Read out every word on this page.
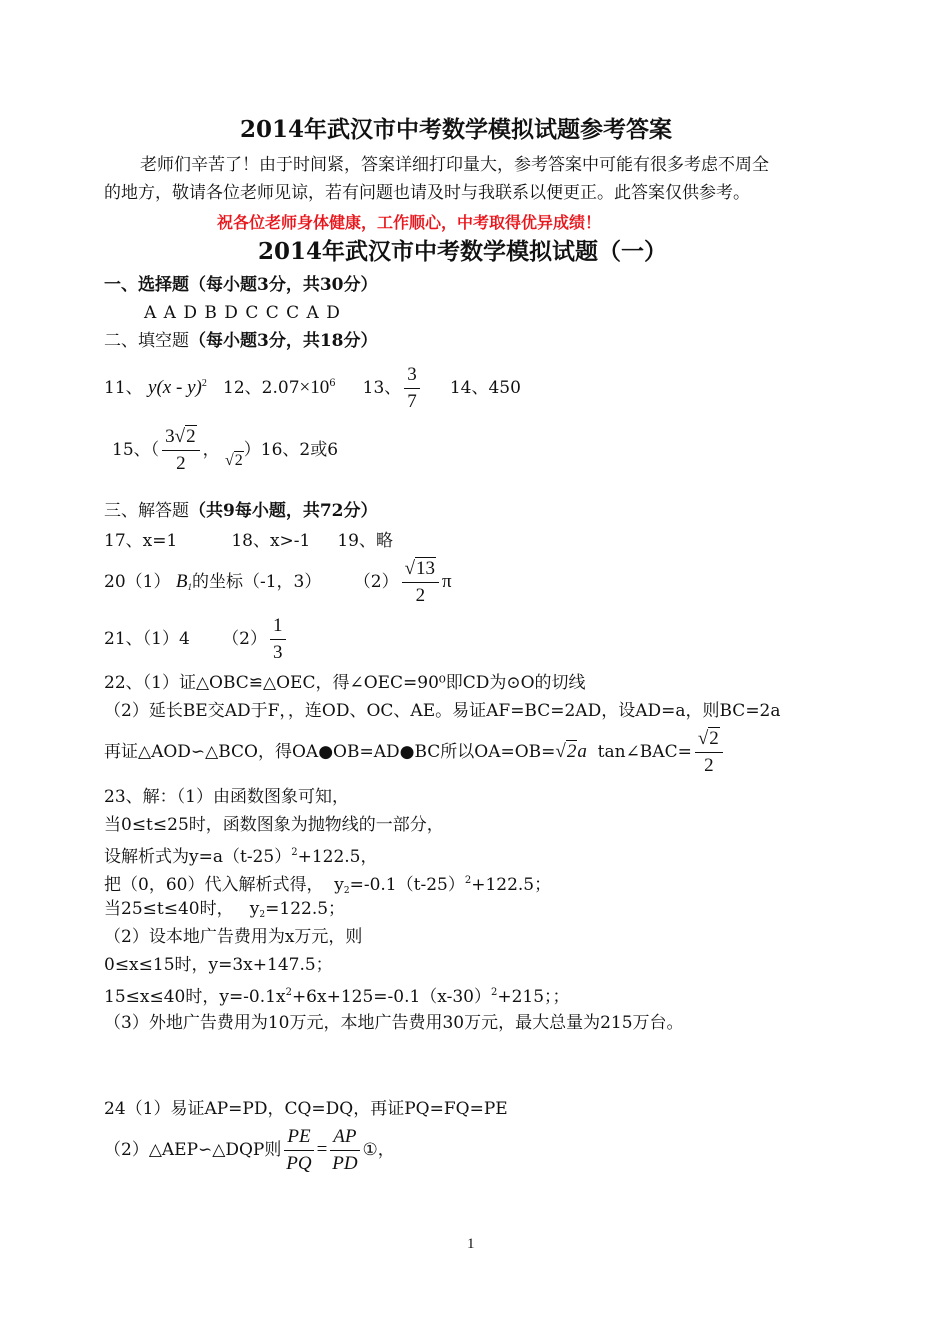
2014年武汉市中考数学模拟试题参考答案
老师们辛苦了！由于时间紧，答案详细打印量大，参考答案中可能有很多考虑不周全
的地方，敬请各位老师见谅，若有问题也请及时与我联系以便更正。此答案仅供参考。
祝各位老师身体健康，工作顺心，中考取得优异成绩！
2014年武汉市中考数学模拟试题（一）
一、选择题（每小题3分，共30分）
A A D B D C C C A D
二、填空题（每小题3分，共18分）
11、 y(x - y)$^2$ 12、$2.07\times 10^6$ 13、 $\frac{3}{7} 14$、450
15、（ $\frac{3√2}{2}$ ， √2）16、2或6
三、解答题（共9每小题，共72分）
17、x=1          18、x>-1     19、略
20（1） $B_1$的坐标（-1，3）      $(2) \frac{√13}{2}$ π
21、（1）4      $(2) \frac{1}{3}$
22、（1）证△OBC≌△OEC，得∠OEC=90⁰即CD为⊙O的切线
（2）延长BE交AD于F，，连OD、OC、AE。易证AF=BC=2AD，设AD=a，则BC=2a
再证△AOD∽△BCO，得OA●OB=AD●BC所以OA=OB=√2a  tan∠BAC= $\frac{√2}{2}$
23、解：（1）由函数图象可知，
当0≤t≤25时，函数图象为抛物线的一部分，
设解析式为$y=a(t-25)^2+122.5$，
把（0，60）代入解析式得，  $y_2=-0.1(t-25)^2+122.5$；
当25≤t≤40时，   $y_2=122.5$；
（2）设本地广告费用为x万元，则
0≤x≤15时，y=3x+147.5；
15≤x≤40时，$y=-0.1x^2+6x+125=-0.1(x-30)^2+215$；；
（3）外地广告费用为10万元，本地广告费用30万元，最大总量为215万台。
24（1）易证AP=PD，CQ=DQ，再证PQ=FQ=PE
（2）△AEP∽△DQP则 $\frac{PE}{PQ} = \frac{AP}{PD}$ ①，
1
